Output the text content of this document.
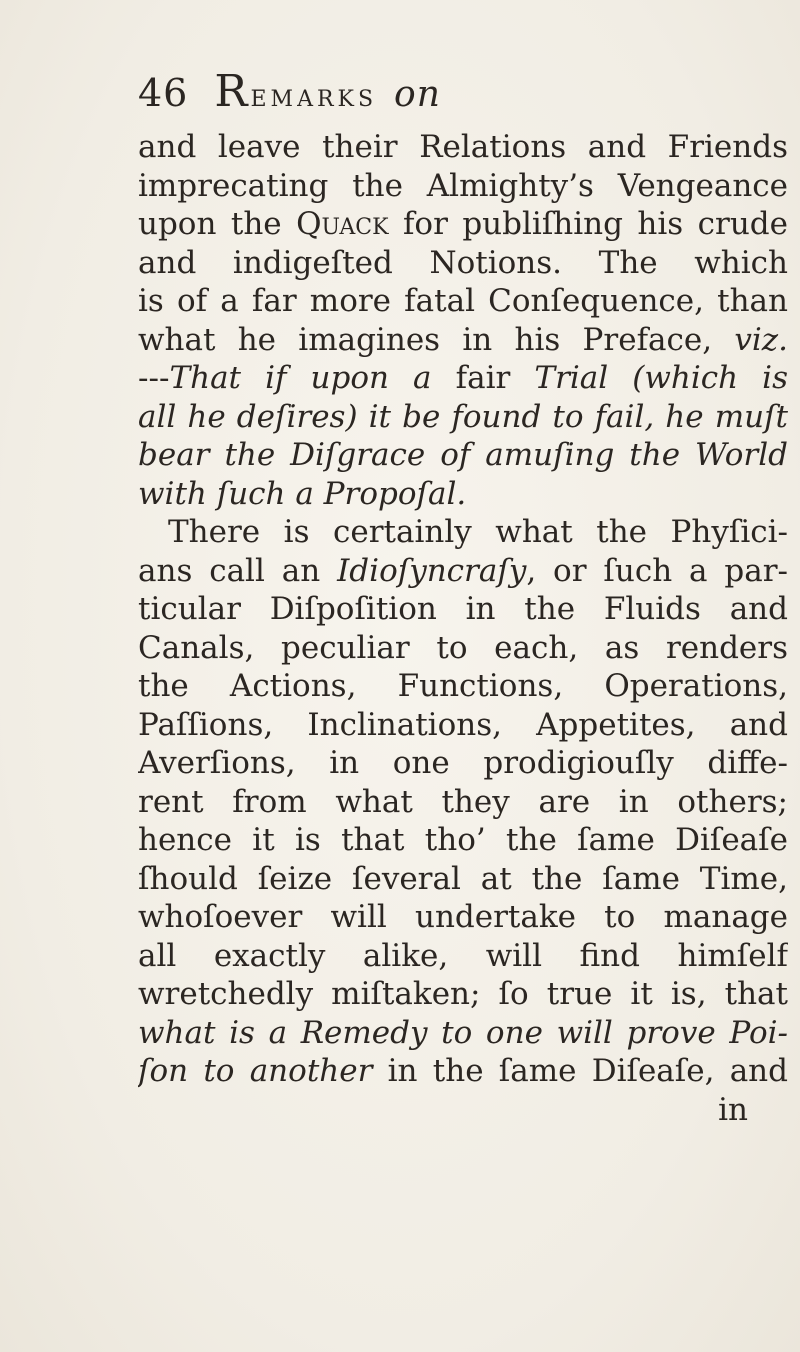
46 Remarks on
and leave their Relations and Friends
imprecating the Almighty’s Vengeance
upon the Quack for publiſhing his crude
and indigeſted Notions. The which
is of a far more fatal Conſequence, than
what he imagines in his Preface, viz.
---That if upon a fair Trial (which is
all he deſires) it be found to fail, he muſt
bear the Diſgrace of amuſing the World
with ſuch a Propoſal.
There is certainly what the Phyſici-
ans call an Idioſyncraſy, or ſuch a par-
ticular Diſpoſition in the Fluids and
Canals, peculiar to each, as renders
the Actions, Functions, Operations,
Paſſions, Inclinations, Appetites, and
Averſions, in one prodigiouſly diffe-
rent from what they are in others;
hence it is that tho’ the ſame Diſeaſe
ſhould ſeize ſeveral at the ſame Time,
whoſoever will undertake to manage
all exactly alike, will find himſelf
wretchedly miſtaken; ſo true it is, that
what is a Remedy to one will prove Poi-
ſon to another in the ſame Diſeaſe, and
in
